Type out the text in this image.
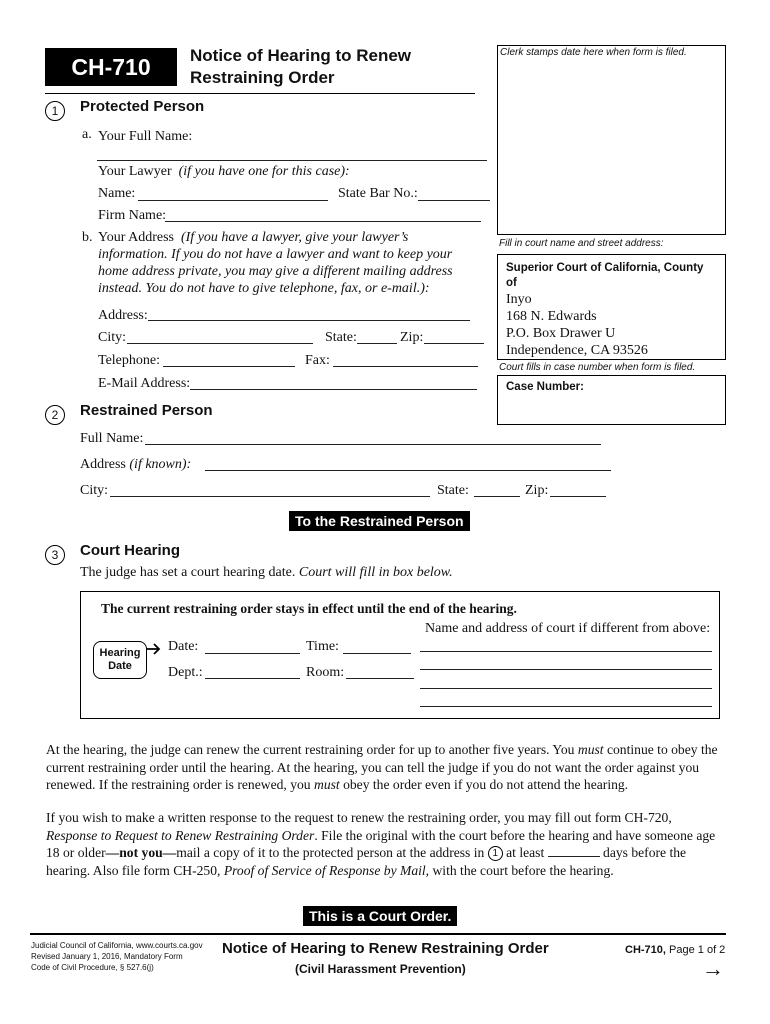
CH-710	Notice of Hearing to Renew
Restraining Order
Clerk stamps date here when form is filed.
Fill in court name and street address:
Superior Court of California, County of
Inyo
168 N. Edwards
P.O. Box Drawer U
Independence, CA 93526
Court fills in case number when form is filed.
Case Number:
1	Protected Person
a. Your Full Name:
Your Lawyer (if you have one for this case):
Name:	State Bar No.:
Firm Name:
b. Your Address (If you have a lawyer, give your lawyer’s
information. If you do not have a lawyer and want to keep your
home address private, you may give a different mailing address
instead. You do not have to give telephone, fax, or e-mail.):
Address:
City:	State:	Zip:
Telephone:	Fax:
E-Mail Address:
2	Restrained Person
Full Name:
Address (if known):
City:	State:	Zip:
To the Restrained Person
3	Court Hearing
The judge has set a court hearing date. Court will fill in box below.
The current restraining order stays in effect until the end of the hearing.
Name and address of court if different from above:
Hearing
Date
Date:	Time:
Dept.:	Room:
At the hearing, the judge can renew the current restraining order for up to another five years. You must continue to obey the current restraining order until the hearing. At the hearing, you can tell the judge if you do not want the order against you renewed. If the restraining order is renewed, you must obey the order even if you do not attend the hearing.
If you wish to make a written response to the request to renew the restraining order, you may fill out form CH-720, Response to Request to Renew Restraining Order. File the original with the court before the hearing and have someone age 18 or older—not you—mail a copy of it to the protected person at the address in 1 at least	days before the hearing. Also file form CH-250, Proof of Service of Response by Mail, with the court before the hearing.
This is a Court Order.
Judicial Council of California, www.courts.ca.gov
Revised January 1, 2016, Mandatory Form
Code of Civil Procedure, § 527.6(j)
Notice of Hearing to Renew Restraining Order
(Civil Harassment Prevention)
CH-710, Page 1 of 2
→
